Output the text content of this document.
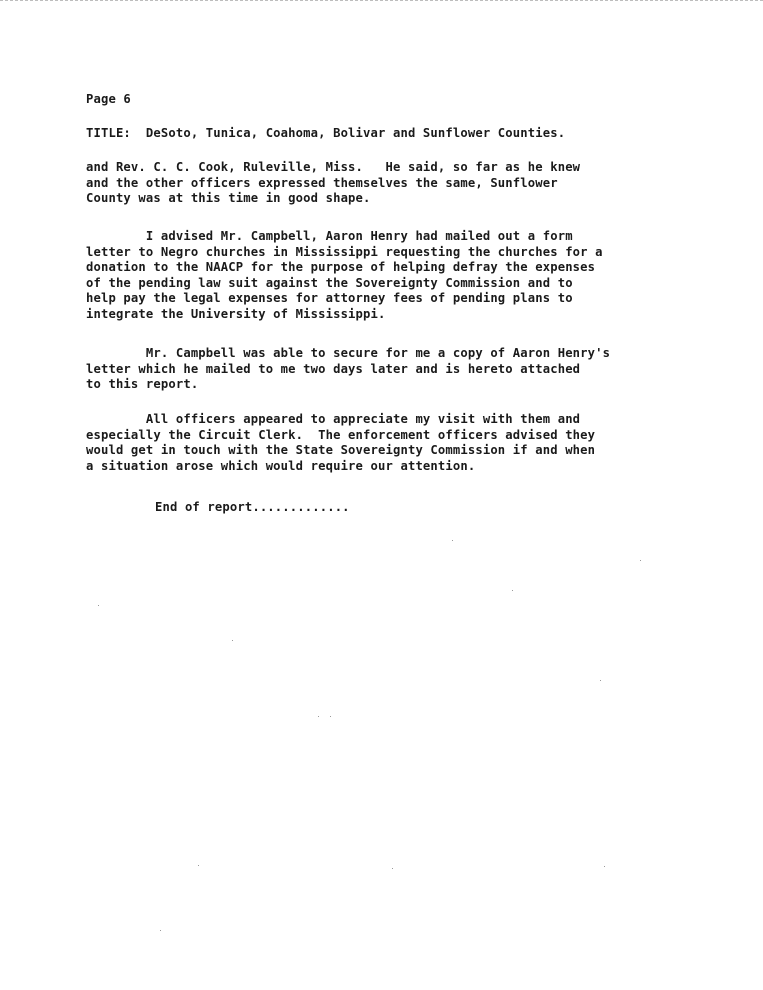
Page 6
TITLE:  DeSoto, Tunica, Coahoma, Bolivar and Sunflower Counties.
and Rev. C. C. Cook, Ruleville, Miss.   He said, so far as he knew
and the other officers expressed themselves the same, Sunflower
County was at this time in good shape.
I advised Mr. Campbell, Aaron Henry had mailed out a form
letter to Negro churches in Mississippi requesting the churches for a
donation to the NAACP for the purpose of helping defray the expenses
of the pending law suit against the Sovereignty Commission and to
help pay the legal expenses for attorney fees of pending plans to
integrate the University of Mississippi.
Mr. Campbell was able to secure for me a copy of Aaron Henry's
letter which he mailed to me two days later and is hereto attached
to this report.
All officers appeared to appreciate my visit with them and
especially the Circuit Clerk.  The enforcement officers advised they
would get in touch with the State Sovereignty Commission if and when
a situation arose which would require our attention.
End of report.............
